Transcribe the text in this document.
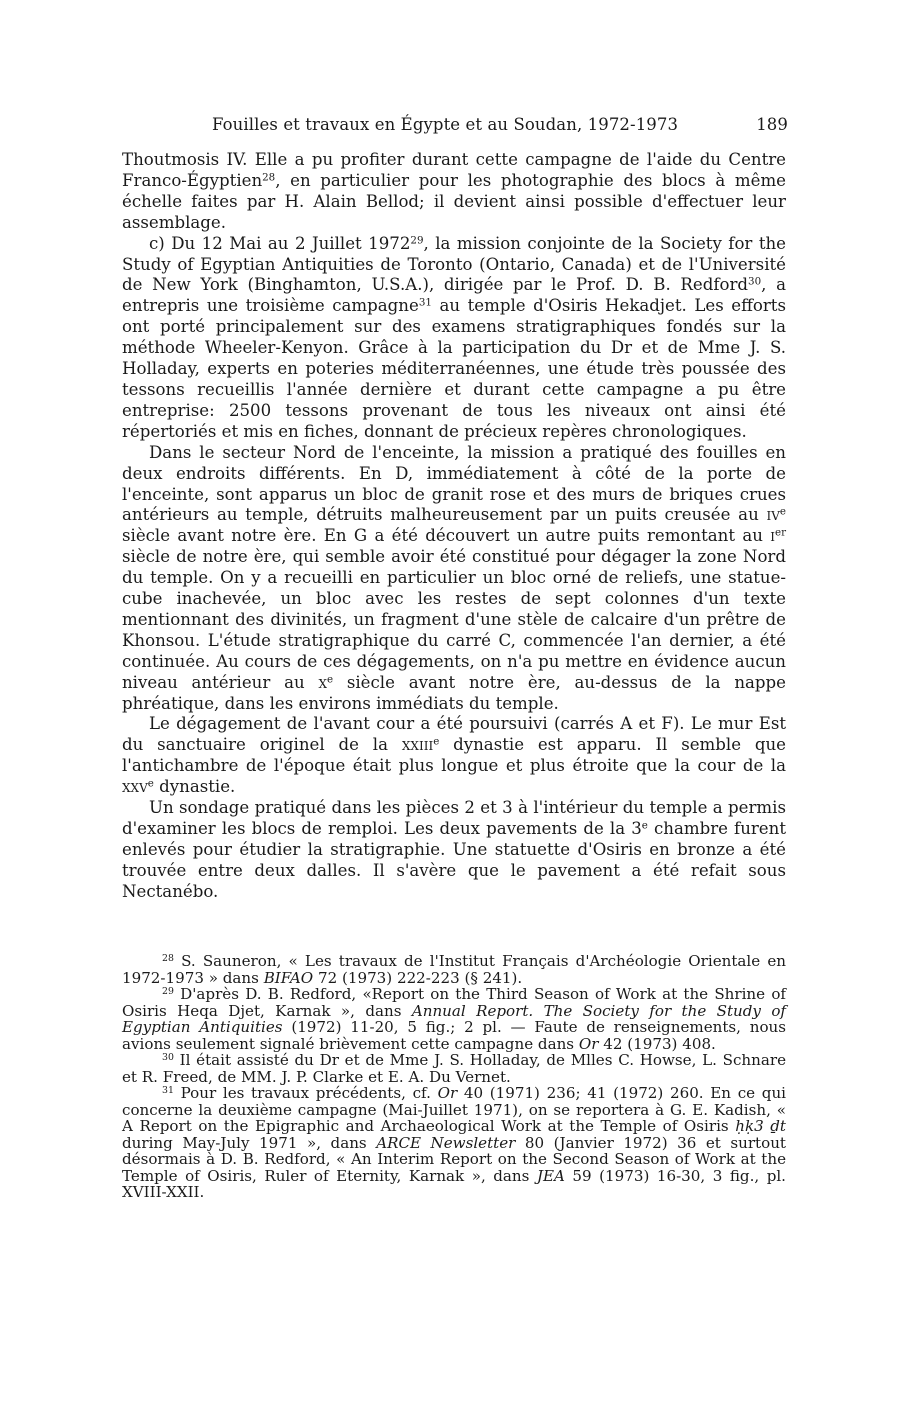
Fouilles et travaux en Égypte et au Soudan, 1972-1973	189

Thoutmosis IV. Elle a pu profiter durant cette campagne de l'aide du Centre Franco-Égyptien$^{28}$, en particulier pour les photographie des blocs à même échelle faites par H. Alain Bellod; il devient ainsi possible d'effectuer leur assemblage.

c) Du 12 Mai au 2 Juillet 1972$^{29}$, la mission conjointe de la Society for the Study of Egyptian Antiquities de Toronto (Ontario, Canada) et de l'Université de New York (Binghamton, U.S.A.), dirigée par le Prof. D. B. Redford$^{30}$, a entrepris une troisième campagne$^{31}$ au temple d'Osiris Hekadjet. Les efforts ont porté principalement sur des examens stratigraphiques fondés sur la méthode Wheeler-Kenyon. Grâce à la participation du Dr et de Mme J. S. Holladay, experts en poteries méditerranéennes, une étude très poussée des tessons recueillis l'année dernière et durant cette campagne a pu être entreprise: 2500 tessons provenant de tous les niveaux ont ainsi été répertoriés et mis en fiches, donnant de précieux repères chronologiques.

Dans le secteur Nord de l'enceinte, la mission a pratiqué des fouilles en deux endroits différents. En D, immédiatement à côté de la porte de l'enceinte, sont apparus un bloc de granit rose et des murs de briques crues antérieurs au temple, détruits malheureusement par un puits creusée au $iv^e$ siècle avant notre ère. En G a été découvert un autre puits remontant au $i^{er}$ siècle de notre ère, qui semble avoir été constitué pour dégager la zone Nord du temple. On y a recueilli en particulier un bloc orné de reliefs, une statue-cube inachevée, un bloc avec les restes de sept colonnes d'un texte mentionnant des divinités, un fragment d'une stèle de calcaire d'un prêtre de Khonsou. L'étude stratigraphique du carré C, commencée l'an dernier, a été continuée. Au cours de ces dégagements, on n'a pu mettre en évidence aucun niveau antérieur au $x^e$ siècle avant notre ère, au-dessus de la nappe phréatique, dans les environs immédiats du temple.

Le dégagement de l'avant cour a été poursuivi (carrés A et F). Le mur Est du sanctuaire originel de la xxiii$^e$ dynastie est apparu. Il semble que l'antichambre de l'époque était plus longue et plus étroite que la cour de la xxv$^e$ dynastie.

Un sondage pratiqué dans les pièces 2 et 3 à l'intérieur du temple a permis d'examiner les blocs de remploi. Les deux pavements de la 3e chambre furent enlevés pour étudier la stratigraphie. Une statuette d'Osiris en bronze a été trouvée entre deux dalles. Il s'avère que le pavement a été refait sous Nectanébo.

$^{28}$ S. Sauneron, « Les travaux de l'Institut Français d'Archéologie Orientale en 1972-1973 » dans BIFAO 72 (1973) 222-223 (§ 241).

$^{29}$ D'après D. B. Redford, «Report on the Third Season of Work at the Shrine of Osiris Heqa Djet, Karnak », dans Annual Report. The Society for the Study of Egyptian Antiquities (1972) 11-20, 5 fig.; 2 pl. — Faute de renseignements, nous avions seulement signalé brièvement cette campagne dans Or 42 (1973) 408.

$^{30}$ Il était assisté du Dr et de Mme J. S. Holladay, de Mlles C. Howse, L. Schnare et R. Freed, de MM. J. P. Clarke et E. A. Du Vernet.

$^{31}$ Pour les travaux précédents, cf. Or 40 (1971) 236; 41 (1972) 260. En ce qui concerne la deuxième campagne (Mai-Juillet 1971), on se reportera à G. E. Kadish, « A Report on the Epigraphic and Archaeological Work at the Temple of Osiris ḥḳ3 ḏt during May-July 1971 », dans ARCE Newsletter 80 (Janvier 1972) 36 et surtout désormais à D. B. Redford, « An Interim Report on the Second Season of Work at the Temple of Osiris, Ruler of Eternity, Karnak », dans JEA 59 (1973) 16-30, 3 fig., pl. XVIII-XXII.
